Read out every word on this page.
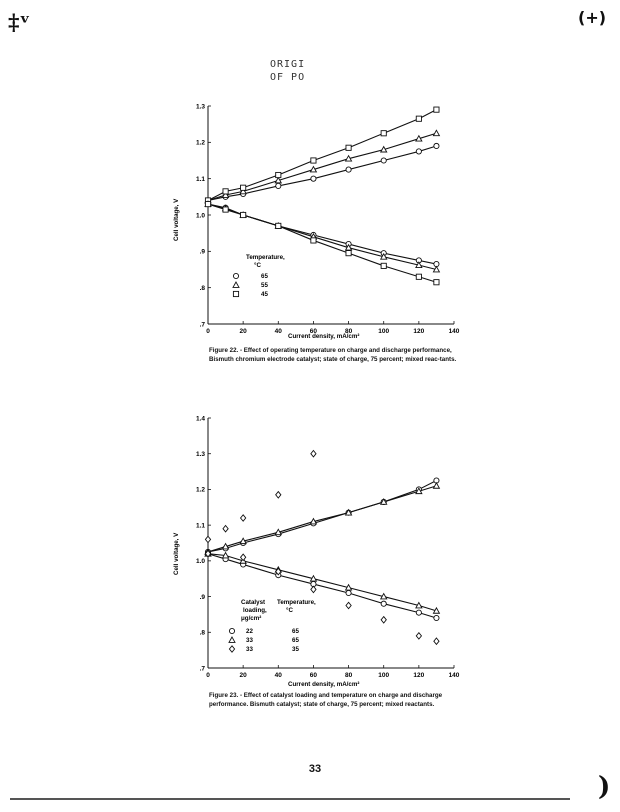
‡ᵛ	(+)
ORIGI
OF PO
0	20	40	60	80	100	120	140
.7
.8
.9
1.0
1.1
1.2
1.3
Temperature,
°C
65
55
45
Current density, mA/cm²
Cell voltage, V
Figure 22. - Effect of operating temperature on charge and discharge performance, Bismuth chromium electrode catalyst; state of charge, 75 percent; mixed reac-tants.
0	20	40	60	80	100	120	140
.7
.8
.9
1.0
1.1
1.2
1.3
1.4
Catalyst
loading,
μg/cm²
Temperature,
°C
22	65
33	65
33	35
Current density, mA/cm²
Cell voltage, V
Figure 23. - Effect of catalyst loading and temperature on charge and discharge performance. Bismuth catalyst; state of charge, 75 percent; mixed reactants.
33
)
